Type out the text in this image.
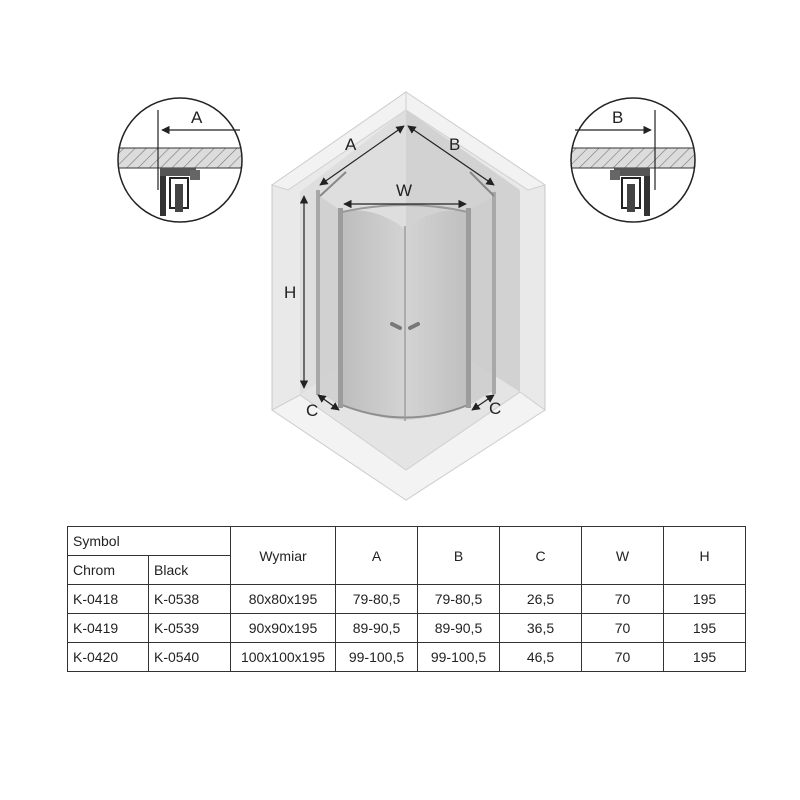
A	B
W
H
C	C
A	B
Symbol		Wymiar	A	B	C	W	H
Chrom	Black						
K-0418	K-0538	80x80x195	79-80,5	79-80,5	26,5	70	195
K-0419	K-0539	90x90x195	89-90,5	89-90,5	36,5	70	195
K-0420	K-0540	100x100x195	99-100,5	99-100,5	46,5	70	195
